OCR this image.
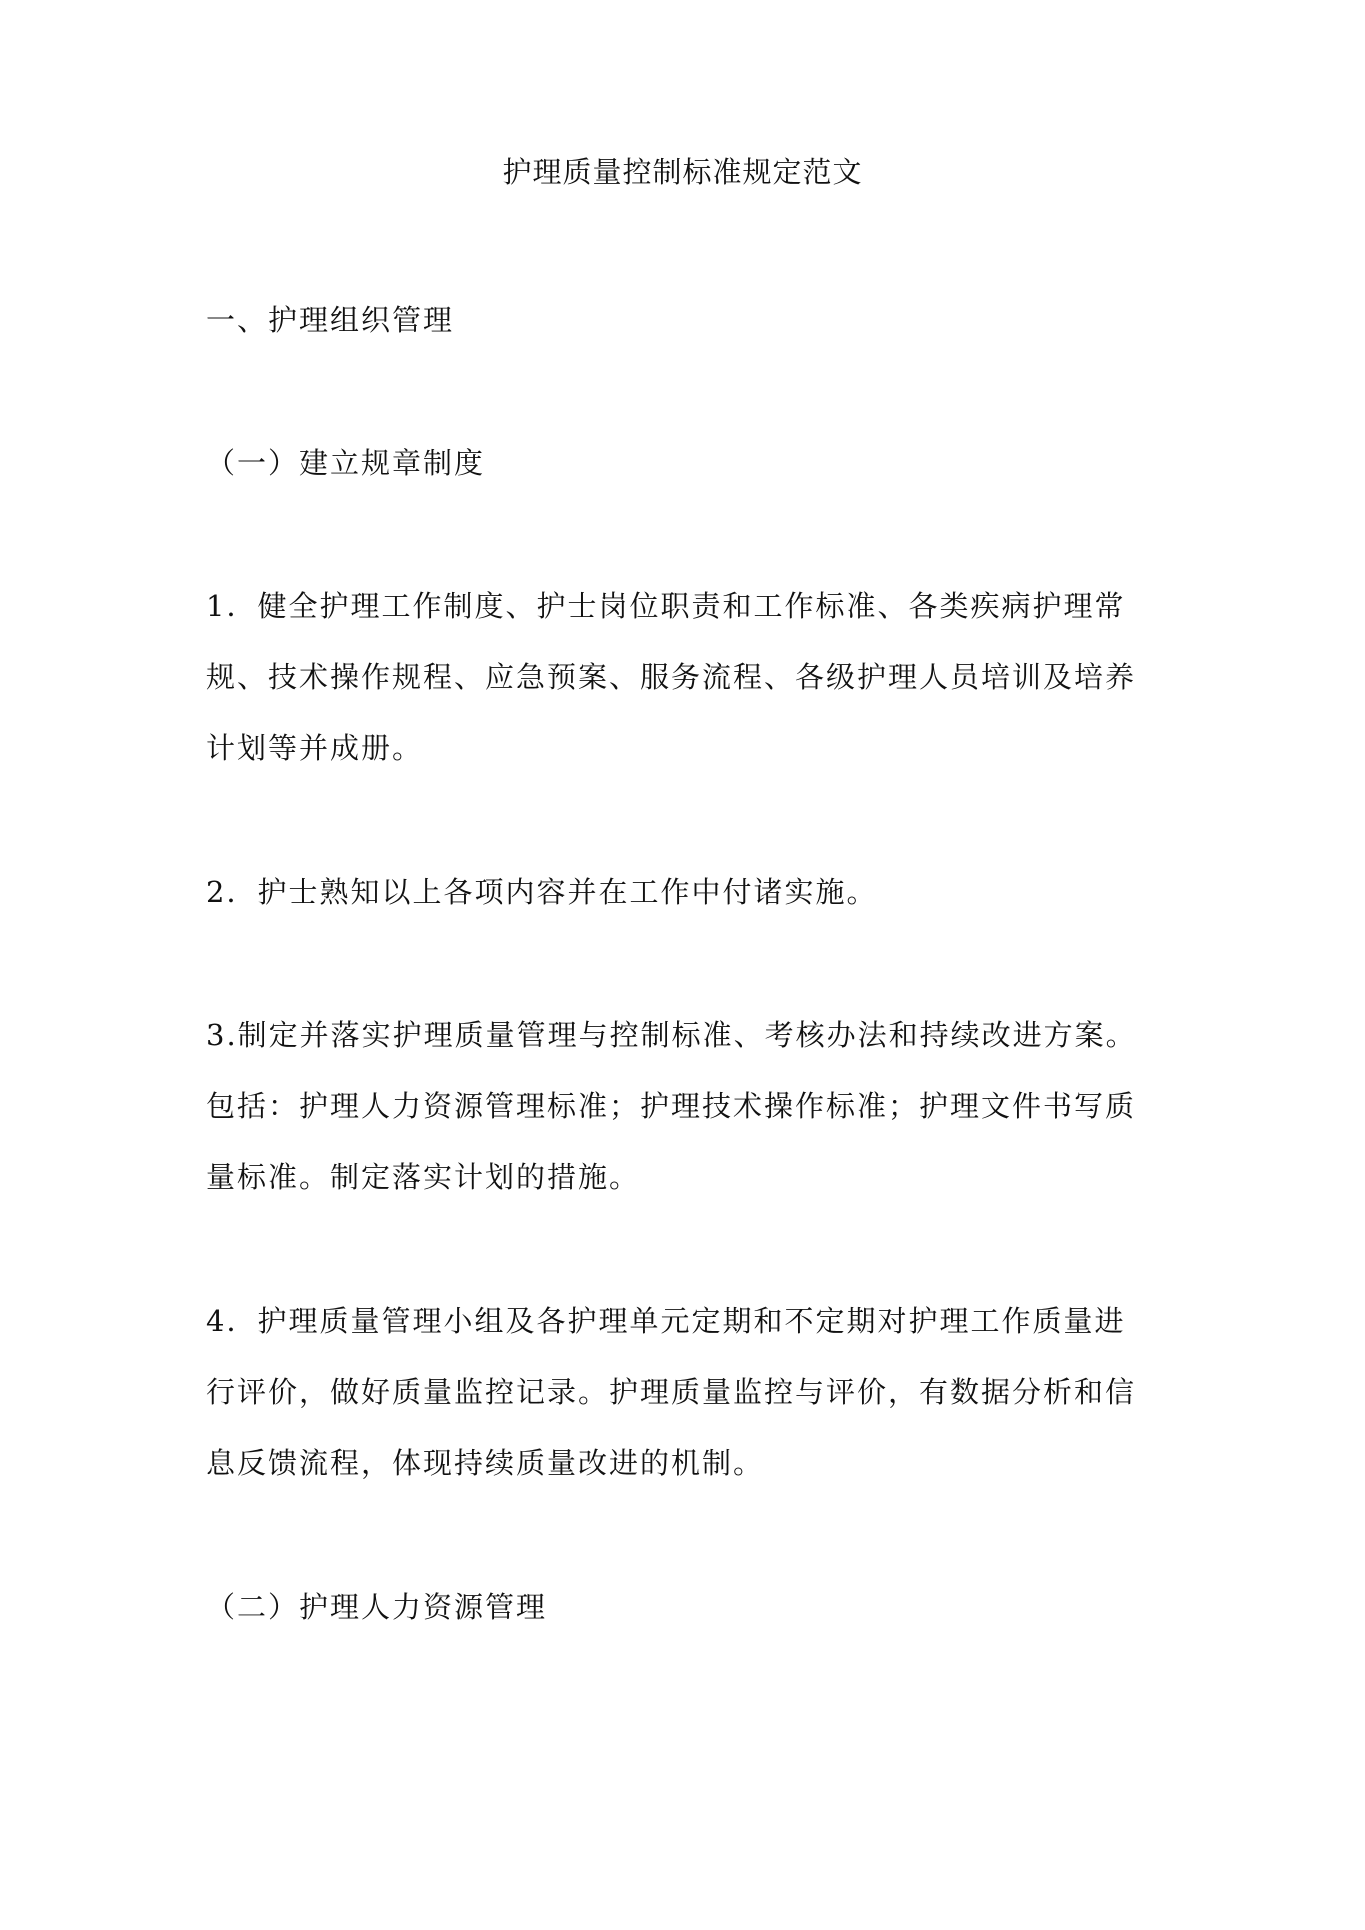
护理质量控制标准规定范文
一、护理组织管理
（一）建立规章制度
1．健全护理工作制度、护士岗位职责和工作标准、各类疾病护理常
规、技术操作规程、应急预案、服务流程、各级护理人员培训及培养
计划等并成册。
2．护士熟知以上各项内容并在工作中付诸实施。
3.制定并落实护理质量管理与控制标准、考核办法和持续改进方案。
包括：护理人力资源管理标准；护理技术操作标准；护理文件书写质
量标准。制定落实计划的措施。
4．护理质量管理小组及各护理单元定期和不定期对护理工作质量进
行评价，做好质量监控记录。护理质量监控与评价，有数据分析和信
息反馈流程，体现持续质量改进的机制。
（二）护理人力资源管理
